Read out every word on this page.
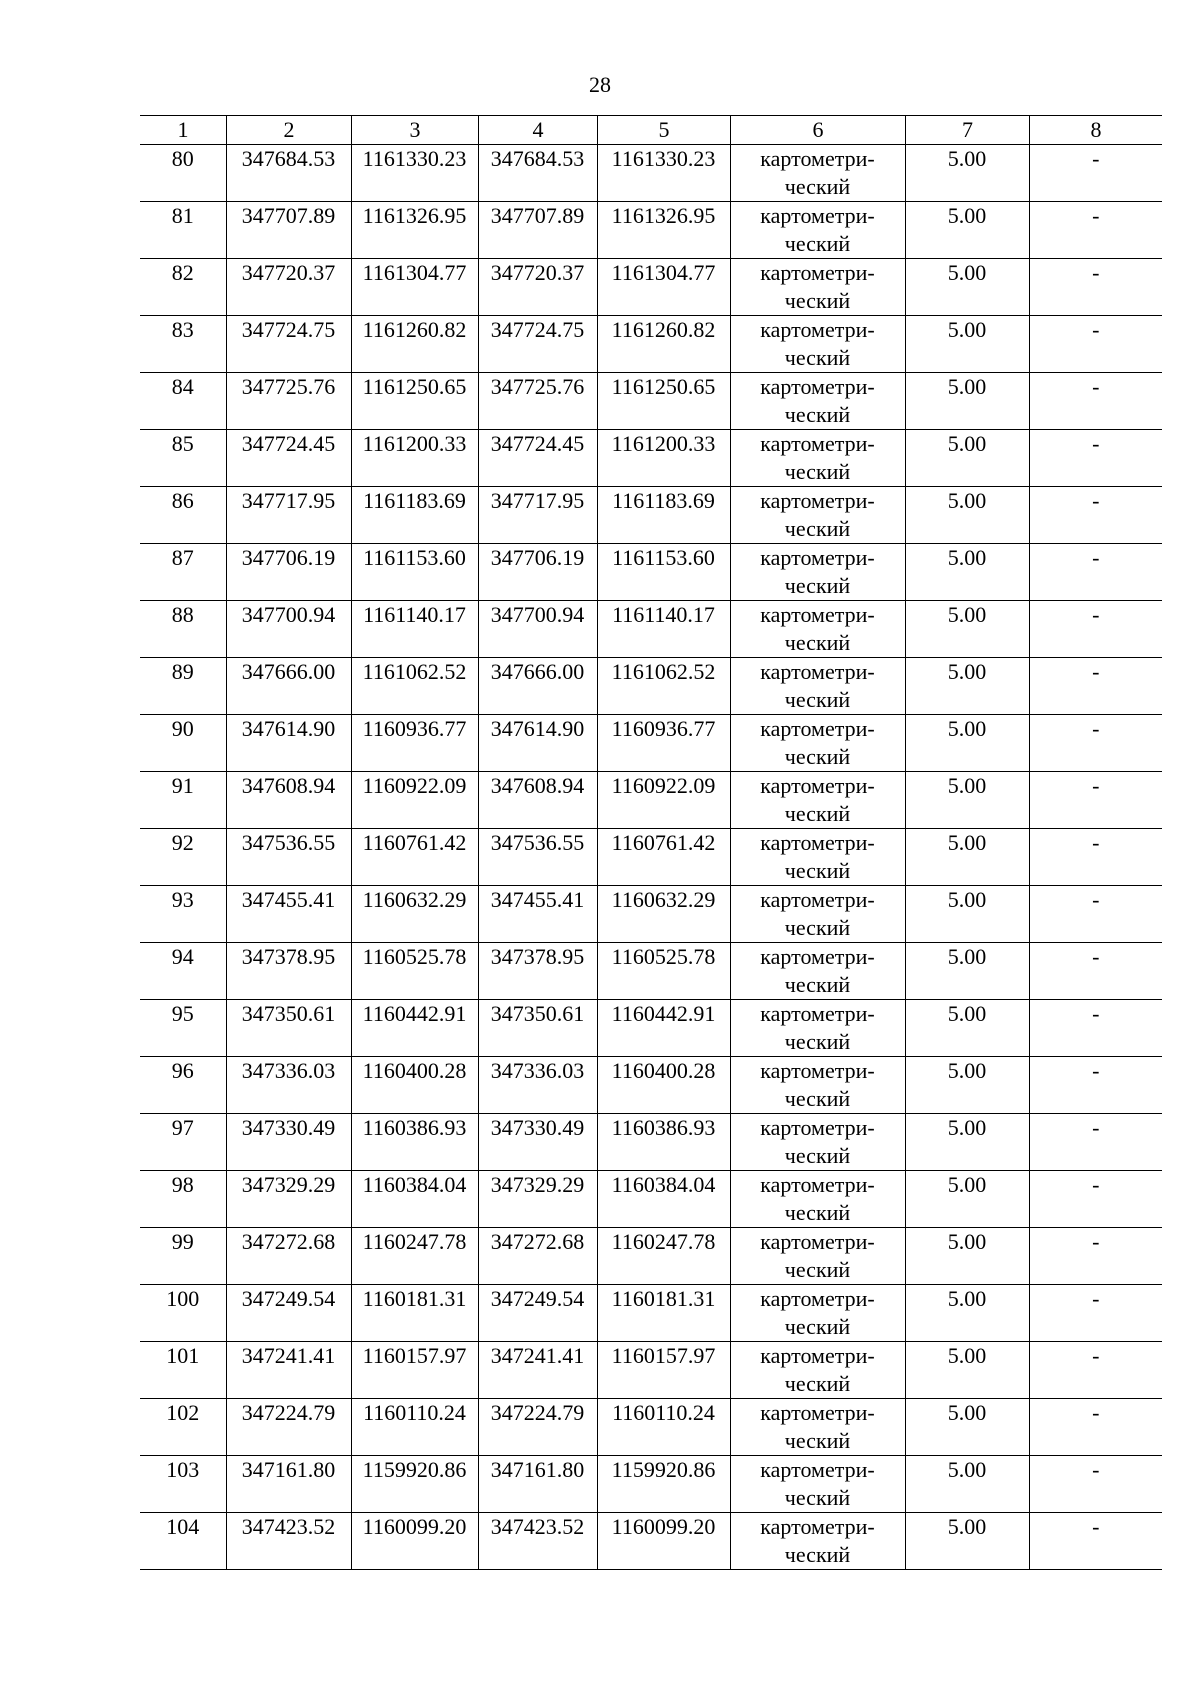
28
1	2	3	4	5	6	7	8

80	347684.53	1161330.23	347684.53	1161330.23	картометри-
ческий	5.00	-
81	347707.89	1161326.95	347707.89	1161326.95	картометри-
ческий	5.00	-
82	347720.37	1161304.77	347720.37	1161304.77	картометри-
ческий	5.00	-
83	347724.75	1161260.82	347724.75	1161260.82	картометри-
ческий	5.00	-
84	347725.76	1161250.65	347725.76	1161250.65	картометри-
ческий	5.00	-
85	347724.45	1161200.33	347724.45	1161200.33	картометри-
ческий	5.00	-
86	347717.95	1161183.69	347717.95	1161183.69	картометри-
ческий	5.00	-
87	347706.19	1161153.60	347706.19	1161153.60	картометри-
ческий	5.00	-
88	347700.94	1161140.17	347700.94	1161140.17	картометри-
ческий	5.00	-
89	347666.00	1161062.52	347666.00	1161062.52	картометри-
ческий	5.00	-
90	347614.90	1160936.77	347614.90	1160936.77	картометри-
ческий	5.00	-
91	347608.94	1160922.09	347608.94	1160922.09	картометри-
ческий	5.00	-
92	347536.55	1160761.42	347536.55	1160761.42	картометри-
ческий	5.00	-
93	347455.41	1160632.29	347455.41	1160632.29	картометри-
ческий	5.00	-
94	347378.95	1160525.78	347378.95	1160525.78	картометри-
ческий	5.00	-
95	347350.61	1160442.91	347350.61	1160442.91	картометри-
ческий	5.00	-
96	347336.03	1160400.28	347336.03	1160400.28	картометри-
ческий	5.00	-
97	347330.49	1160386.93	347330.49	1160386.93	картометри-
ческий	5.00	-
98	347329.29	1160384.04	347329.29	1160384.04	картометри-
ческий	5.00	-
99	347272.68	1160247.78	347272.68	1160247.78	картометри-
ческий	5.00	-
100	347249.54	1160181.31	347249.54	1160181.31	картометри-
ческий	5.00	-
101	347241.41	1160157.97	347241.41	1160157.97	картометри-
ческий	5.00	-
102	347224.79	1160110.24	347224.79	1160110.24	картометри-
ческий	5.00	-
103	347161.80	1159920.86	347161.80	1159920.86	картометри-
ческий	5.00	-
104	347423.52	1160099.20	347423.52	1160099.20	картометри-
ческий	5.00	-
